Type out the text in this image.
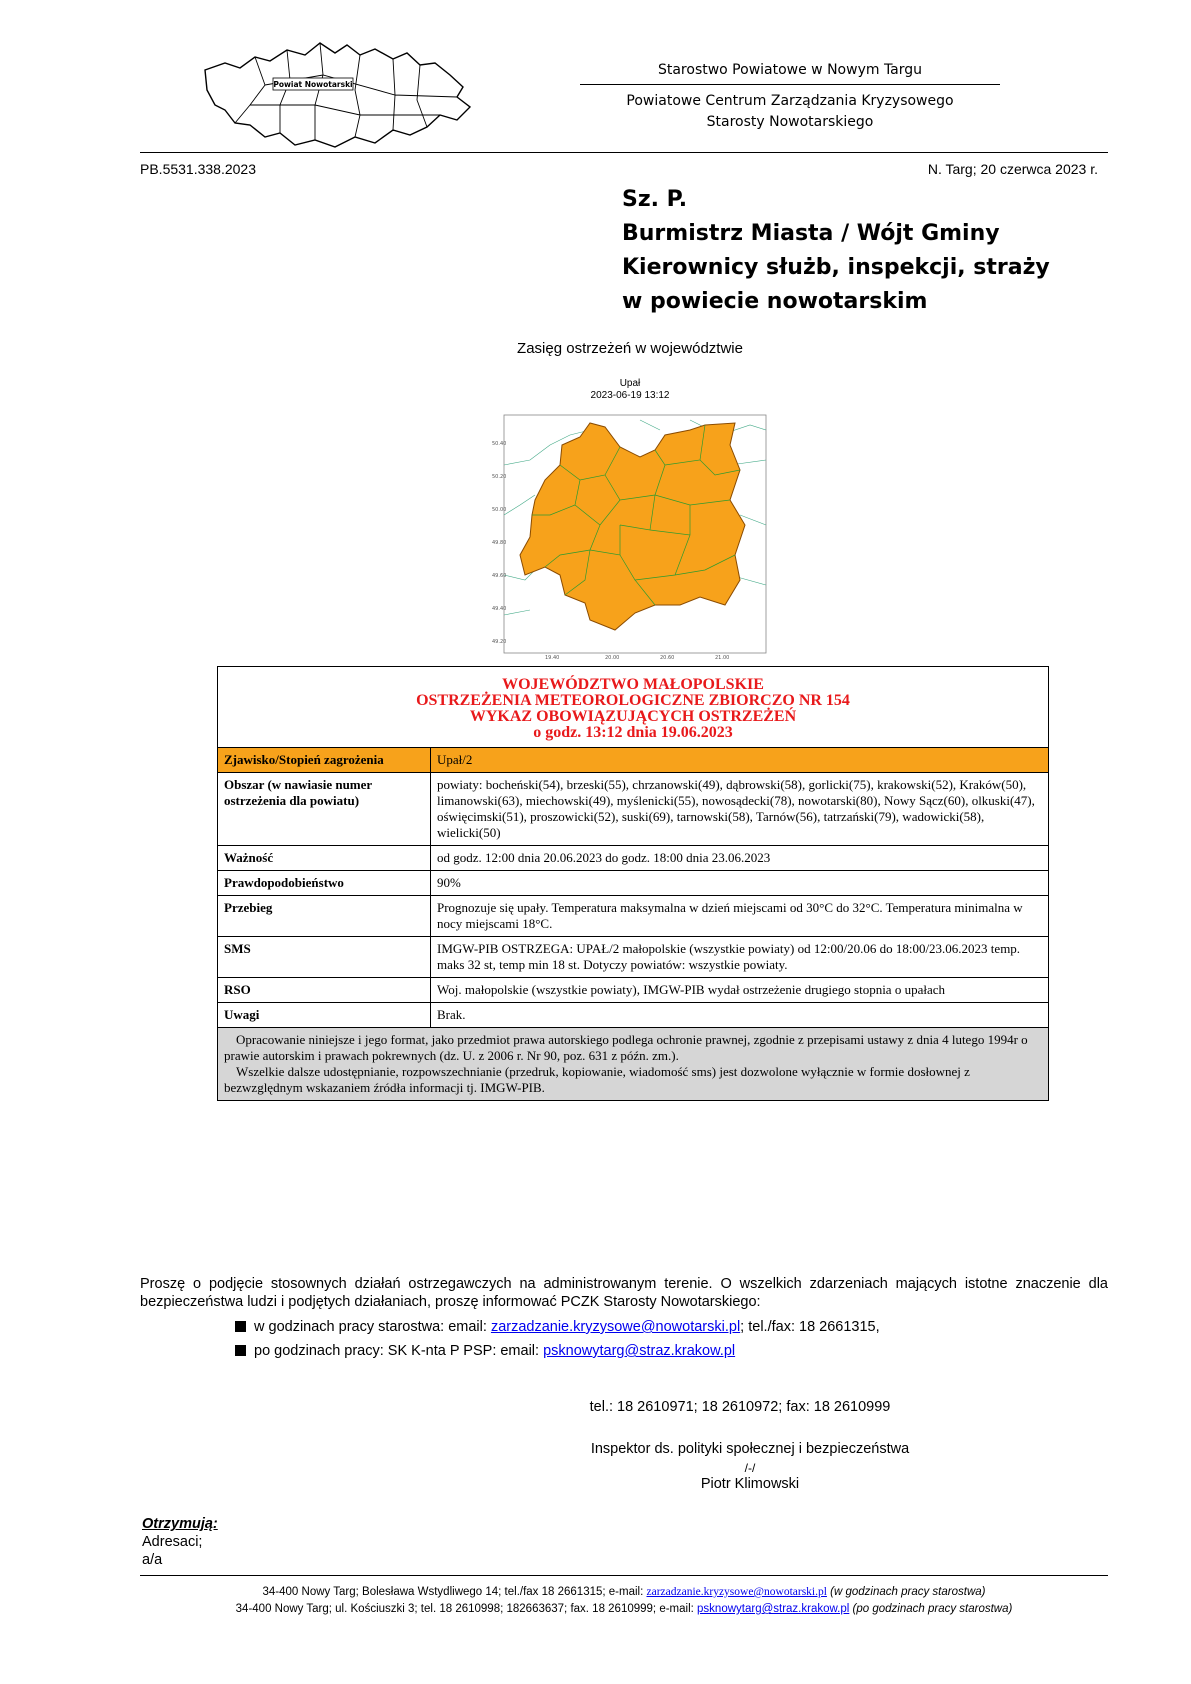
Powiat Nowotarski
Starostwo Powiatowe w Nowym Targu
Powiatowe Centrum Zarządzania Kryzysowego
Starosty Nowotarskiego
PB.5531.338.2023	N. Targ; 20 czerwca 2023 r.
Sz. P.
Burmistrz Miasta / Wójt Gminy
Kierownicy służb, inspekcji, straży
w powiecie nowotarskim
Zasięg ostrzeżeń w województwie
Upał
2023-06-19 13:12
50.40
50.20
50.00
49.80
49.60
49.40
49.20
19.40	20.00	20.60	21.00
WOJEWÓDZTWO MAŁOPOLSKIE
OSTRZEŻENIA METEOROLOGICZNE ZBIORCZO NR 154
WYKAZ OBOWIĄZUJĄCYCH OSTRZEŻEŃ
o godz. 13:12 dnia 19.06.2023	

Zjawisko/Stopień zagrożenia	Upał/2
Obszar (w nawiasie numer ostrzeżenia dla powiatu)	powiaty: bocheński(54), brzeski(55), chrzanowski(49), dąbrowski(58), gorlicki(75), krakowski(52), Kraków(50), limanowski(63), miechowski(49), myślenicki(55), nowosądecki(78), nowotarski(80), Nowy Sącz(60), olkuski(47), oświęcimski(51), proszowicki(52), suski(69), tarnowski(58), Tarnów(56), tatrzański(79), wadowicki(58), wielicki(50)
Ważność	od godz. 12:00 dnia 20.06.2023 do godz. 18:00 dnia 23.06.2023
Prawdopodobieństwo	90%
Przebieg	Prognozuje się upały. Temperatura maksymalna w dzień miejscami od 30°C do 32°C. Temperatura minimalna w nocy miejscami 18°C.
SMS	IMGW-PIB OSTRZEGA: UPAŁ/2 małopolskie (wszystkie powiaty) od 12:00/20.06 do 18:00/23.06.2023 temp. maks 32 st, temp min 18 st. Dotyczy powiatów: wszystkie powiaty.
RSO	Woj. małopolskie (wszystkie powiaty), IMGW-PIB wydał ostrzeżenie drugiego stopnia o upałach
Uwagi	Brak.

Opracowanie niniejsze i jego format, jako przedmiot prawa autorskiego podlega ochronie prawnej, zgodnie z przepisami ustawy z dnia 4 lutego 1994r o prawie autorskim i prawach pokrewnych (dz. U. z 2006 r. Nr 90, poz. 631 z późn. zm.).
Wszelkie dalsze udostępnianie, rozpowszechnianie (przedruk, kopiowanie, wiadomość sms) jest dozwolone wyłącznie w formie dosłownej z bezwzględnym wskazaniem źródła informacji tj. IMGW-PIB.	
Proszę o podjęcie stosownych działań ostrzegawczych na administrowanym terenie. O wszelkich zdarzeniach mających istotne znaczenie dla bezpieczeństwa ludzi i podjętych działaniach, proszę informować PCZK Starosty Nowotarskiego:
w godzinach pracy starostwa: email: zarzadzanie.kryzysowe@nowotarski.pl; tel./fax: 18 2661315,
po godzinach pracy: SK K-nta P PSP: email: psknowytarg@straz.krakow.pl
tel.: 18 2610971; 18 2610972; fax: 18 2610999
Inspektor ds. polityki społecznej i bezpieczeństwa
/-/
Piotr Klimowski
Otrzymują:
Adresaci;
a/a
34-400 Nowy Targ; Bolesława Wstydliwego 14; tel./fax 18 2661315; e-mail: zarzadzanie.kryzysowe@nowotarski.pl (w godzinach pracy starostwa)
34-400 Nowy Targ; ul. Kościuszki 3; tel. 18 2610998; 182663637; fax. 18 2610999; e-mail: psknowytarg@straz.krakow.pl (po godzinach pracy starostwa)
